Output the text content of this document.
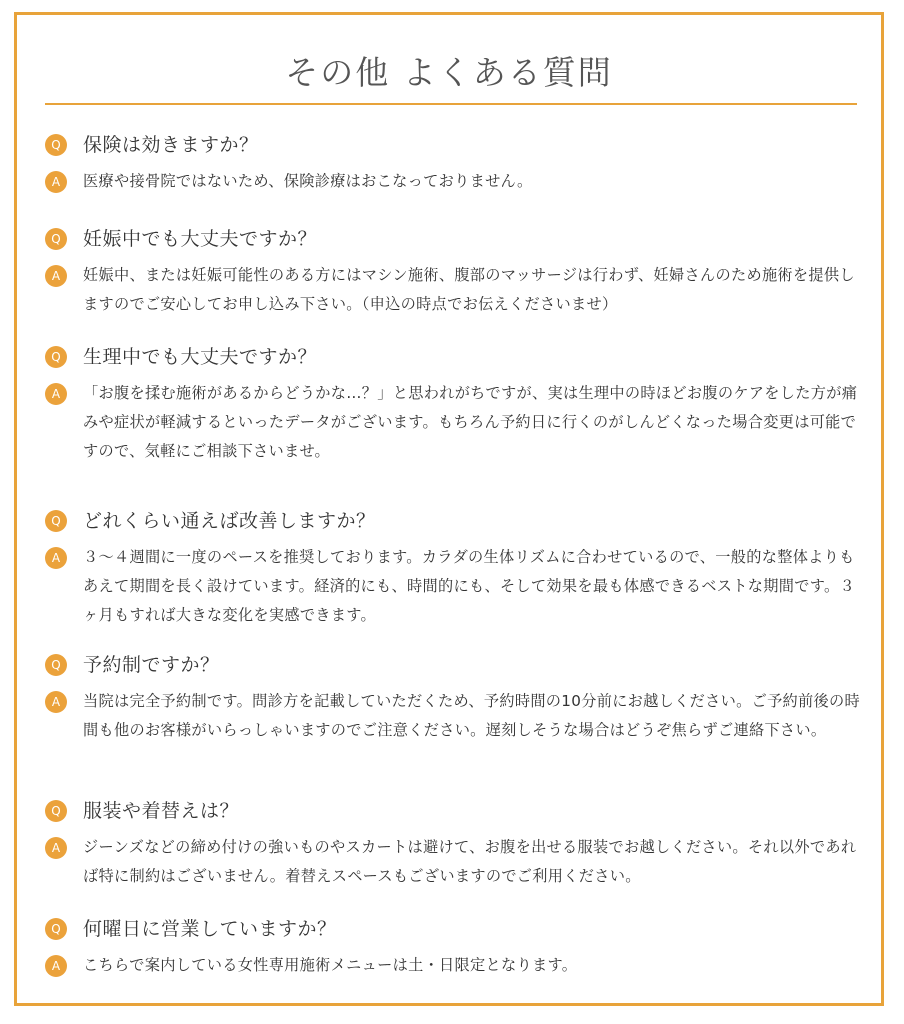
その他 よくある質問
Q	保険は効きますか？
A	医療や接骨院ではないため、保険診療はおこなっておりません。
Q	妊娠中でも大丈夫ですか？
A	妊娠中、または妊娠可能性のある方にはマシン施術、腹部のマッサージは行わず、妊婦さんのため施術を提供しますのでご安心してお申し込み下さい。（申込の時点でお伝えくださいませ）
Q	生理中でも大丈夫ですか？
A	「お腹を揉む施術があるからどうかな…？」と思われがちですが、実は生理中の時ほどお腹のケアをした方が痛みや症状が軽減するといったデータがございます。もちろん予約日に行くのがしんどくなった場合変更は可能ですので、気軽にご相談下さいませ。
Q	どれくらい通えば改善しますか？
A	３〜４週間に一度のペースを推奨しております。カラダの生体リズムに合わせているので、一般的な整体よりもあえて期間を長く設けています。経済的にも、時間的にも、そして効果を最も体感できるベストな期間です。３ヶ月もすれば大きな変化を実感できます。
Q	予約制ですか？
A	当院は完全予約制です。問診方を記載していただくため、予約時間の10分前にお越しください。ご予約前後の時間も他のお客様がいらっしゃいますのでご注意ください。遅刻しそうな場合はどうぞ焦らずご連絡下さい。
Q	服装や着替えは？
A	ジーンズなどの締め付けの強いものやスカートは避けて、お腹を出せる服装でお越しください。それ以外であれば特に制約はございません。着替えスペースもございますのでご利用ください。
Q	何曜日に営業していますか？
A	こちらで案内している女性専用施術メニューは土・日限定となります。
